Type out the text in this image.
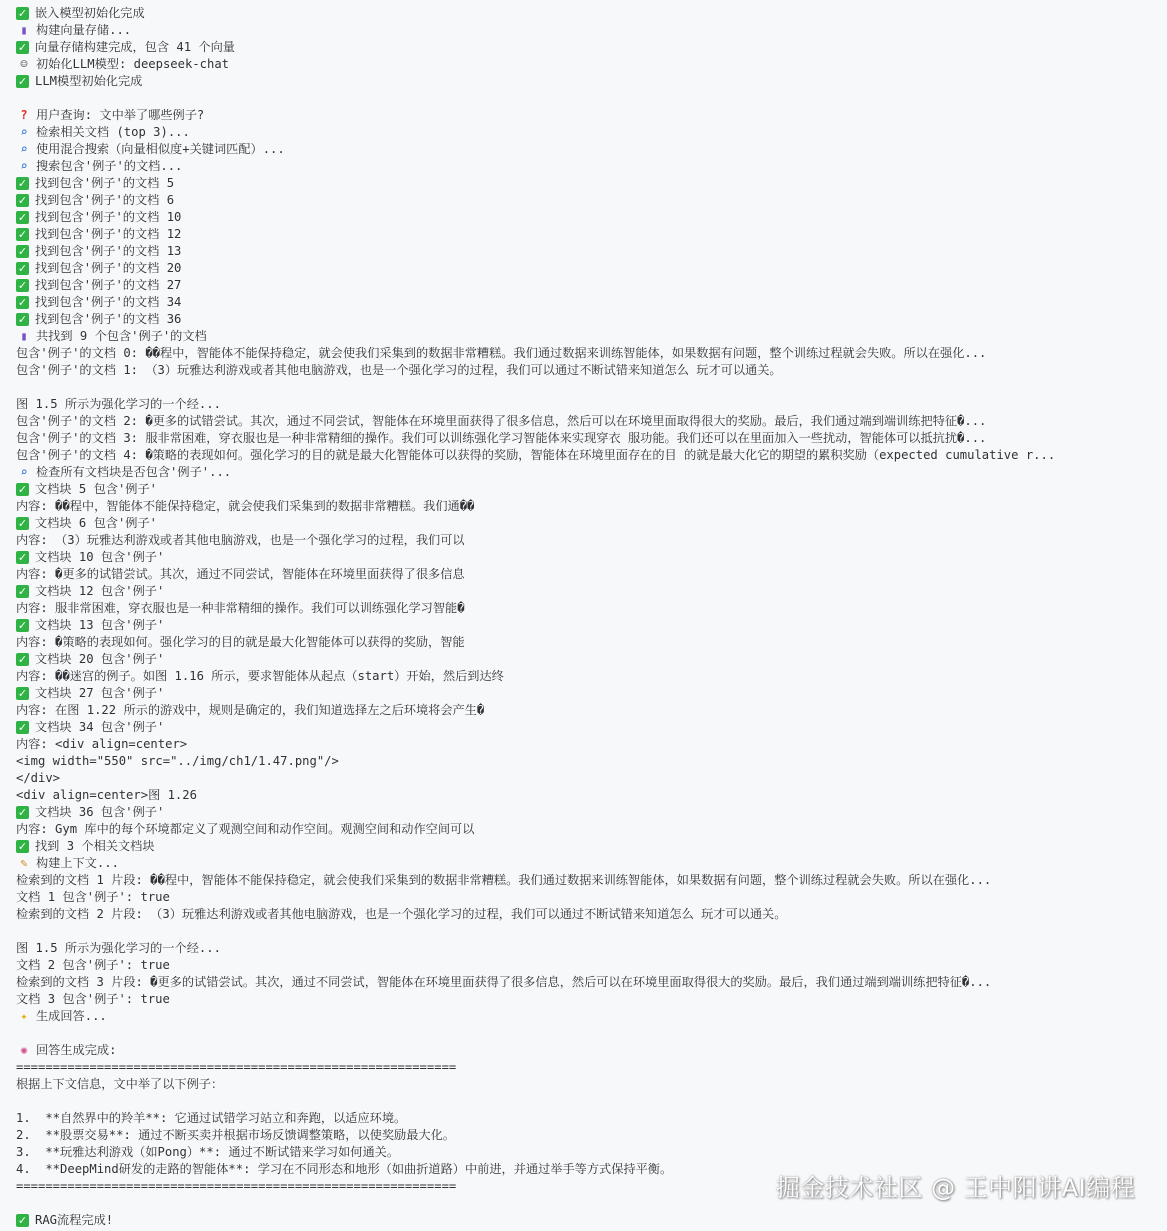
✓ 嵌入模型初始化完成
▮ 构建向量存储...
✓ 向量存储构建完成，包含 41 个向量
☺ 初始化LLM模型: deepseek-chat
✓ LLM模型初始化完成
? 用户查询: 文中举了哪些例子?
⌕ 检索相关文档 (top 3)...
⌕ 使用混合搜索（向量相似度+关键词匹配）...
⌕ 搜索包含'例子'的文档...
✓ 找到包含'例子'的文档 5
✓ 找到包含'例子'的文档 6
✓ 找到包含'例子'的文档 10
✓ 找到包含'例子'的文档 12
✓ 找到包含'例子'的文档 13
✓ 找到包含'例子'的文档 20
✓ 找到包含'例子'的文档 27
✓ 找到包含'例子'的文档 34
✓ 找到包含'例子'的文档 36
▮ 共找到 9 个包含'例子'的文档
包含'例子'的文档 0: ��程中，智能体不能保持稳定，就会使我们采集到的数据非常糟糕。我们通过数据来训练智能体，如果数据有问题，整个训练过程就会失败。所以在强化...
包含'例子'的文档 1: （3）玩雅达利游戏或者其他电脑游戏，也是一个强化学习的过程，我们可以通过不断试错来知道怎么 玩才可以通关。
图 1.5 所示为强化学习的一个经...
包含'例子'的文档 2: �更多的试错尝试。其次，通过不同尝试，智能体在环境里面获得了很多信息，然后可以在环境里面取得很大的奖励。最后，我们通过端到端训练把特征�...
包含'例子'的文档 3: 服非常困难，穿衣服也是一种非常精细的操作。我们可以训练强化学习智能体来实现穿衣 服功能。我们还可以在里面加入一些扰动，智能体可以抵抗扰�...
包含'例子'的文档 4: �策略的表现如何。强化学习的目的就是最大化智能体可以获得的奖励，智能体在环境里面存在的目 的就是最大化它的期望的累积奖励（expected cumulative r...
⌕ 检查所有文档块是否包含'例子'...
✓ 文档块 5 包含'例子'
内容: ��程中，智能体不能保持稳定，就会使我们采集到的数据非常糟糕。我们通��
✓ 文档块 6 包含'例子'
内容: （3）玩雅达利游戏或者其他电脑游戏，也是一个强化学习的过程，我们可以
✓ 文档块 10 包含'例子'
内容: �更多的试错尝试。其次，通过不同尝试，智能体在环境里面获得了很多信息
✓ 文档块 12 包含'例子'
内容: 服非常困难，穿衣服也是一种非常精细的操作。我们可以训练强化学习智能�
✓ 文档块 13 包含'例子'
内容: �策略的表现如何。强化学习的目的就是最大化智能体可以获得的奖励，智能
✓ 文档块 20 包含'例子'
内容: ��迷宫的例子。如图 1.16 所示，要求智能体从起点（start）开始，然后到达终
✓ 文档块 27 包含'例子'
内容: 在图 1.22 所示的游戏中，规则是确定的，我们知道选择左之后环境将会产生�
✓ 文档块 34 包含'例子'
内容: <div align=center>
<img width="550" src="../img/ch1/1.47.png"/>
</div>
<div align=center>图 1.26
✓ 文档块 36 包含'例子'
内容: Gym 库中的每个环境都定义了观测空间和动作空间。观测空间和动作空间可以
✓ 找到 3 个相关文档块
✎ 构建上下文...
检索到的文档 1 片段: ��程中，智能体不能保持稳定，就会使我们采集到的数据非常糟糕。我们通过数据来训练智能体，如果数据有问题，整个训练过程就会失败。所以在强化...
文档 1 包含'例子': true
检索到的文档 2 片段: （3）玩雅达利游戏或者其他电脑游戏，也是一个强化学习的过程，我们可以通过不断试错来知道怎么 玩才可以通关。
图 1.5 所示为强化学习的一个经...
文档 2 包含'例子': true
检索到的文档 3 片段: �更多的试错尝试。其次，通过不同尝试，智能体在环境里面获得了很多信息，然后可以在环境里面取得很大的奖励。最后，我们通过端到端训练把特征�...
文档 3 包含'例子': true
✦ 生成回答...
✺ 回答生成完成:
============================================================
根据上下文信息，文中举了以下例子：
1.  **自然界中的羚羊**: 它通过试错学习站立和奔跑，以适应环境。
2.  **股票交易**: 通过不断买卖并根据市场反馈调整策略，以使奖励最大化。
3.  **玩雅达利游戏（如Pong）**: 通过不断试错来学习如何通关。
4.  **DeepMind研发的走路的智能体**: 学习在不同形态和地形（如曲折道路）中前进，并通过举手等方式保持平衡。
============================================================
✓ RAG流程完成!
掘金技术社区 @ 王中阳讲AI编程
